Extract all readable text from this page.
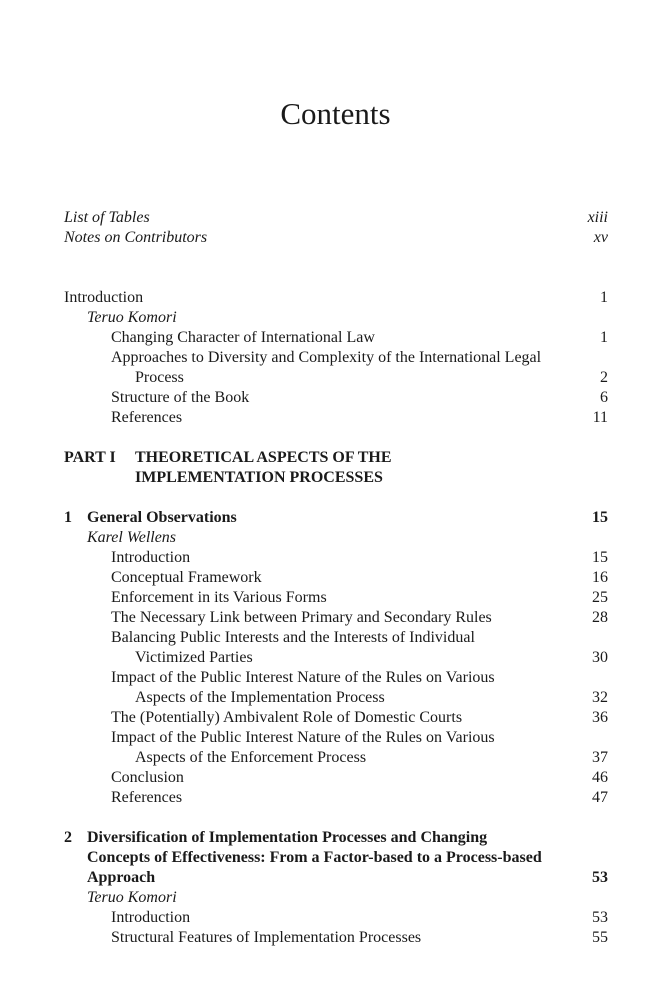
Contents
List of Tables	xiii
Notes on Contributors	xv
Introduction	1
Teruo Komori
Changing Character of International Law	1
Approaches to Diversity and Complexity of the International Legal
Process	2
Structure of the Book	6
References	11
PART I THEORETICAL ASPECTS OF THE
IMPLEMENTATION PROCESSES
1 General Observations	15
Karel Wellens
Introduction	15
Conceptual Framework	16
Enforcement in its Various Forms	25
The Necessary Link between Primary and Secondary Rules	28
Balancing Public Interests and the Interests of Individual
Victimized Parties	30
Impact of the Public Interest Nature of the Rules on Various
Aspects of the Implementation Process	32
The (Potentially) Ambivalent Role of Domestic Courts	36
Impact of the Public Interest Nature of the Rules on Various
Aspects of the Enforcement Process	37
Conclusion	46
References	47
2 Diversification of Implementation Processes and Changing
Concepts of Effectiveness: From a Factor-based to a Process-based
Approach	53
Teruo Komori
Introduction	53
Structural Features of Implementation Processes	55
